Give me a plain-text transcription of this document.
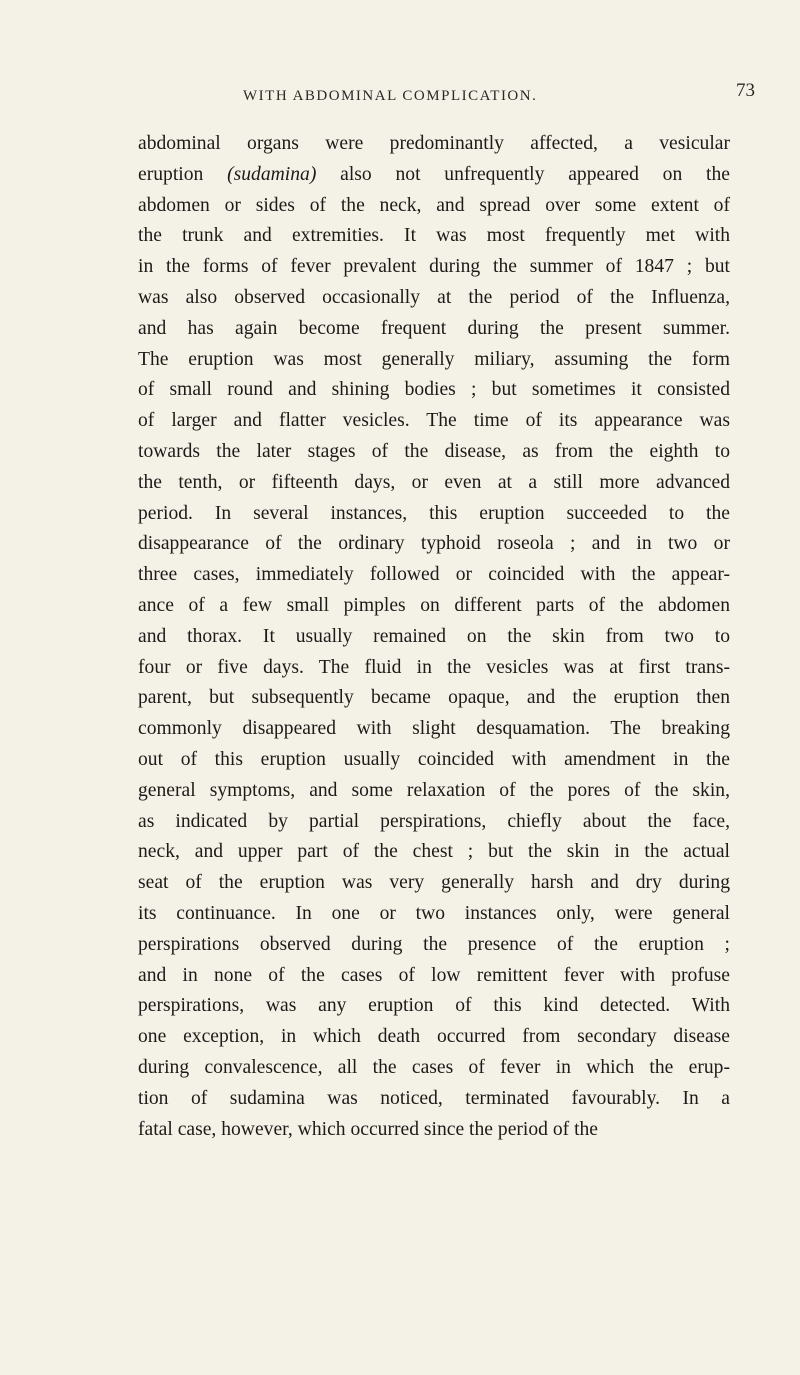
WITH ABDOMINAL COMPLICATION.	73
abdominal organs were predominantly affected, a vesicular
eruption (sudamina) also not unfrequently appeared on the
abdomen or sides of the neck, and spread over some extent of
the trunk and extremities. It was most frequently met with
in the forms of fever prevalent during the summer of 1847 ; but
was also observed occasionally at the period of the Influenza,
and has again become frequent during the present summer.
The eruption was most generally miliary, assuming the form
of small round and shining bodies ; but sometimes it consisted
of larger and flatter vesicles. The time of its appearance was
towards the later stages of the disease, as from the eighth to
the tenth, or fifteenth days, or even at a still more advanced
period. In several instances, this eruption succeeded to the
disappearance of the ordinary typhoid roseola ; and in two or
three cases, immediately followed or coincided with the appear-
ance of a few small pimples on different parts of the abdomen
and thorax. It usually remained on the skin from two to
four or five days. The fluid in the vesicles was at first trans-
parent, but subsequently became opaque, and the eruption then
commonly disappeared with slight desquamation. The breaking
out of this eruption usually coincided with amendment in the
general symptoms, and some relaxation of the pores of the skin,
as indicated by partial perspirations, chiefly about the face,
neck, and upper part of the chest ; but the skin in the actual
seat of the eruption was very generally harsh and dry during
its continuance. In one or two instances only, were general
perspirations observed during the presence of the eruption ;
and in none of the cases of low remittent fever with profuse
perspirations, was any eruption of this kind detected. With
one exception, in which death occurred from secondary disease
during convalescence, all the cases of fever in which the erup-
tion of sudamina was noticed, terminated favourably. In a
fatal case, however, which occurred since the period of the
